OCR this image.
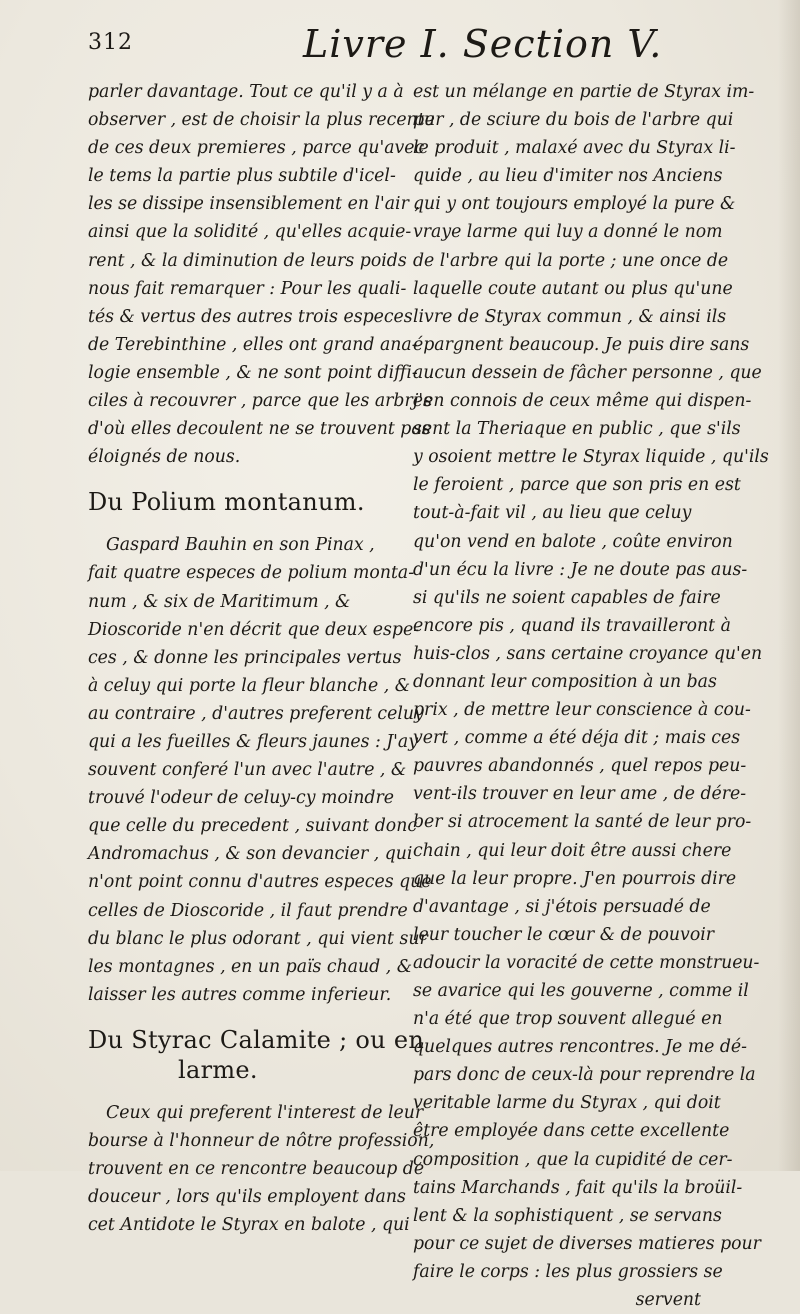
312	Livre I. Section V.

parler davantage. Tout ce qu'il y a à
observer , est de choisir la plus recente
de ces deux premieres , parce qu'avec
le tems la partie plus subtile d'icel-
les se dissipe insensiblement en l'air ,
ainsi que la solidité , qu'elles acquie-
rent , & la diminution de leurs poids
nous fait remarquer : Pour les quali-
tés & vertus des autres trois especes
de Terebinthine , elles ont grand ana-
logie ensemble , & ne sont point diffi-
ciles à recouvrer , parce que les arbres
d'où elles decoulent ne se trouvent pas
éloignés de nous.

Du Polium montanum.

Gaspard Bauhin en son Pinax ,
fait quatre especes de polium monta-
num , & six de Maritimum , &
Dioscoride n'en décrit que deux espe-
ces , & donne les principales vertus
à celuy qui porte la fleur blanche , &
au contraire , d'autres preferent celuy
qui a les fueilles & fleurs jaunes : J'ay
souvent conferé l'un avec l'autre , &
trouvé l'odeur de celuy-cy moindre
que celle du precedent , suivant donc
Andromachus , & son devancier , qui
n'ont point connu d'autres especes que
celles de Dioscoride , il faut prendre
du blanc le plus odorant , qui vient sur
les montagnes , en un païs chaud , &
laisser les autres comme inferieur.

Du Styrac Calamite ; ou en
larme.

Ceux qui preferent l'interest de leur
bourse à l'honneur de nôtre profession,
trouvent en ce rencontre beaucoup de
douceur , lors qu'ils employent dans
cet Antidote le Styrax en balote , qui

est un mélange en partie de Styrax im-
pur , de sciure du bois de l'arbre qui
le produit , malaxé avec du Styrax li-
quide , au lieu d'imiter nos Anciens
qui y ont toujours employé la pure &
vraye larme qui luy a donné le nom
de l'arbre qui la porte ; une once de
laquelle coute autant ou plus qu'une
livre de Styrax commun , & ainsi ils
épargnent beaucoup. Je puis dire sans
aucun dessein de fâcher personne , que
j'en connois de ceux même qui dispen-
sent la Theriaque en public , que s'ils
y osoient mettre le Styrax liquide , qu'ils
le feroient , parce que son pris en est
tout-à-fait vil , au lieu que celuy
qu'on vend en balote , coûte environ
d'un écu la livre : Je ne doute pas aus-
si qu'ils ne soient capables de faire
encore pis , quand ils travailleront à
huis-clos , sans certaine croyance qu'en
donnant leur composition à un bas
prix , de mettre leur conscience à cou-
vert , comme a été déja dit ; mais ces
pauvres abandonnés , quel repos peu-
vent-ils trouver en leur ame , de dére-
ber si atrocement la santé de leur pro-
chain , qui leur doit être aussi chere
que la leur propre. J'en pourrois dire
d'avantage , si j'étois persuadé de
leur toucher le cœur & de pouvoir
adoucir la voracité de cette monstrueu-
se avarice qui les gouverne , comme il
n'a été que trop souvent allegué en
quelques autres rencontres. Je me dé-
pars donc de ceux-là pour reprendre la
veritable larme du Styrax , qui doit
être employée dans cette excellente
composition , que la cupidité de cer-
tains Marchands , fait qu'ils la broüil-
lent & la sophistiquent , se servans
pour ce sujet de diverses matieres pour
faire le corps : les plus grossiers se

servent
